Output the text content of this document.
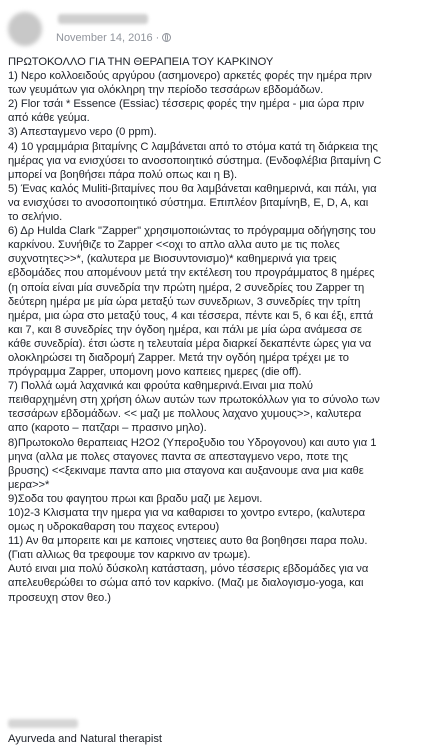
November 14, 2016 ·

ΠΡΩΤΟΚΟΛΛΟ ΓΙΑ ΤΗΝ ΘΕΡΑΠΕΙΑ ΤΟΥ ΚΑΡΚΙΝΟΥ

1) Νερο κολλοειδούς αργύρου (ασημονερο) αρκετές φορές την ημέρα πριν
των γευμάτων για ολόκληρη την περίοδο τεσσάρων εβδομάδων.

2) Flor τσάι * Essence (Essiac) τέσσερις φορές την ημέρα - μια ώρα πριν
από κάθε γεύμα.

3) Απεσταγμενο νερο (0 ppm).

4) 10 γραμμάρια βιταμίνης C λαμβάνεται από το στόμα κατά τη διάρκεια της
ημέρας για να ενισχύσει το ανοσοποιητικό σύστημα. (Ενδοφλέβια βιταμίνη C
μπορεί να βοηθήσει πάρα πολύ οπως και η Β).

5) Ένας καλός Muliti-βιταμίνες που θα λαμβάνεται καθημερινά, και πάλι, για
να ενισχύσει το ανοσοποιητικό σύστημα. Επιπλέον βιταμίνηΒ, E, D, A, και
το σελήνιο.

6) Δρ Hulda Clark "Zapper" χρησιμοποιώντας το πρόγραμμα οδήγησης του
καρκίνου. Συνήθιζε το Zapper <<οχι το απλο αλλα αυτο με τις πολες
συχνοτητες>>*, (καλυτερα με Βιοσυντονισμο)* καθημερινά για τρεις
εβδομάδες που απομένουν μετά την εκτέλεση του προγράμματος 8 ημέρες
(η οποία είναι μία συνεδρία την πρώτη ημέρα, 2 συνεδρίες του Zapper τη
δεύτερη ημέρα με μία ώρα μεταξύ των συνεδριων, 3 συνεδρίες την τρίτη
ημέρα, μια ώρα στο μεταξύ τους, 4 και τέσσερα, πέντε και 5, 6 και έξι, επτά
και 7, και 8 συνεδρίες την όγδοη ημέρα, και πάλι με μία ώρα ανάμεσα σε
κάθε συνεδρία). έτσι ώστε η τελευταία μέρα διαρκεί δεκαπέντε ώρες για να
ολοκληρώσει τη διαδρομή Zapper. Μετά την ογδόη ημέρα τρέχει με το
πρόγραμμα Zapper, υπομονη μονο καπειες ημερες (die off).

7) Πολλά ωμά λαχανικά και φρούτα καθημερινά.Ειναι μια πολύ
πειθαρχημένη στη χρήση όλων αυτών των πρωτοκόλλων για το σύνολο των
τεσσάρων εβδομάδων. << μαζι με πολλους λαχανο χυμους>>, καλυτερα
απο (καροτο – πατζαρι – πρασινο μηλο).

8)Πρωτοκολο θεραπειας H2O2 (Υπεροξυδιο του Υδρογονου) και αυτο για 1
μηνα (αλλα με πολες σταγονες παντα σε απεσταγμενο νερο, ποτε της
βρυσης) <<ξεκιναμε παντα απο μια σταγονα και αυξανουμε ανα μια καθε
μερα>>*

9)Σοδα του φαγητου πρωι και βραδυ μαζι με λεμονι.

10)2-3 Κλισματα την ημερα για να καθαρισει το χοντρο εντερο, (καλυτερα
ομως η υδροκαθαρση του παχεος εντερου)

11) Αν θα μπορειτε και με καποιες νηστειες αυτο θα βοηθησει παρα πολυ.
(Γιατι αλλιως θα τρεφουμε τον καρκινο αν τρωμε).
Αυτό ειναι μια πολύ δύσκολη κατάσταση, μόνο τέσσερις εβδομάδες για να
απελευθερώθει το σώμα από τον καρκίνο. (Μαζι με διαλογισμο-yoga, και
προσευχη στον θεο.)

Ayurveda and Natural therapist
